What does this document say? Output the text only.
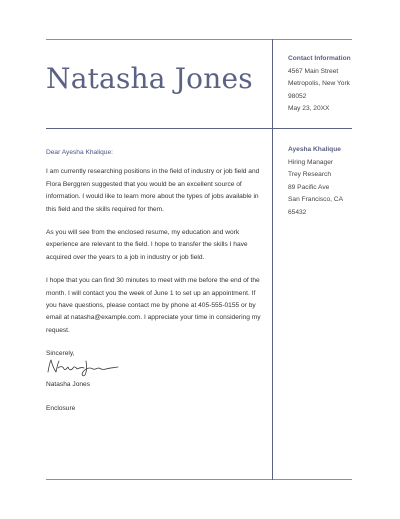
Natasha Jones
Contact Information
4567 Main Street
Metropolis, New York
98052
May 23, 20XX
Ayesha Khalique
Hiring Manager
Trey Research
89 Pacific Ave
San Francisco, CA
65432

Dear Ayesha Khalique:

I am currently researching positions in the field of industry or job field and
Flora Berggren suggested that you would be an excellent source of
information. I would like to learn more about the types of jobs available in
this field and the skills required for them.
As you will see from the enclosed resume, my education and work
experience are relevant to the field. I hope to transfer the skills I have
acquired over the years to a job in industry or job field.
I hope that you can find 30 minutes to meet with me before the end of the
month. I will contact you the week of June 1 to set up an appointment. If
you have questions, please contact me by phone at 405-555-0155 or by
email at natasha@example.com. I appreciate your time in considering my
request.

Sincerely,

Natasha Jones
Enclosure
